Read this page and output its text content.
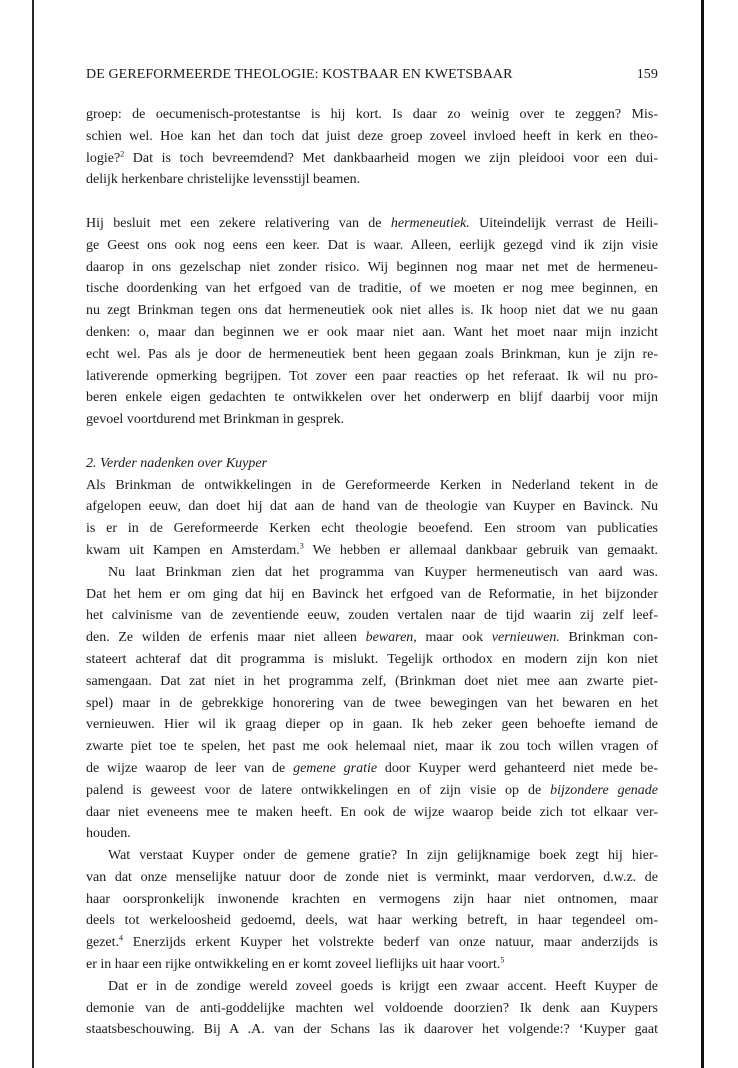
DE GEREFORMEERDE THEOLOGIE: KOSTBAAR EN KWETSBAAR	159
groep: de oecumenisch-protestantse is hij kort. Is daar zo weinig over te zeggen? Mis-
schien wel. Hoe kan het dan toch dat juist deze groep zoveel invloed heeft in kerk en theo-
logie?$^2$ Dat is toch bevreemdend? Met dankbaarheid mogen we zijn pleidooi voor een dui-
delijk herkenbare christelijke levensstijl beamen.
Hij besluit met een zekere relativering van de hermeneutiek. Uiteindelijk verrast de Heili-
ge Geest ons ook nog eens een keer. Dat is waar. Alleen, eerlijk gezegd vind ik zijn visie
daarop in ons gezelschap niet zonder risico. Wij beginnen nog maar net met de hermeneu-
tische doordenking van het erfgoed van de traditie, of we moeten er nog mee beginnen, en
nu zegt Brinkman tegen ons dat hermeneutiek ook niet alles is. Ik hoop niet dat we nu gaan
denken: o, maar dan beginnen we er ook maar niet aan. Want het moet naar mijn inzicht
echt wel. Pas als je door de hermeneutiek bent heen gegaan zoals Brinkman, kun je zijn re-
lativerende opmerking begrijpen. Tot zover een paar reacties op het referaat. Ik wil nu pro-
beren enkele eigen gedachten te ontwikkelen over het onderwerp en blijf daarbij voor mijn
gevoel voortdurend met Brinkman in gesprek.
2. Verder nadenken over Kuyper
Als Brinkman de ontwikkelingen in de Gereformeerde Kerken in Nederland tekent in de
afgelopen eeuw, dan doet hij dat aan de hand van de theologie van Kuyper en Bavinck. Nu
is er in de Gereformeerde Kerken echt theologie beoefend. Een stroom van publicaties
kwam uit Kampen en Amsterdam.$^3$ We hebben er allemaal dankbaar gebruik van gemaakt.
Nu laat Brinkman zien dat het programma van Kuyper hermeneutisch van aard was.
Dat het hem er om ging dat hij en Bavinck het erfgoed van de Reformatie, in het bijzonder
het calvinisme van de zeventiende eeuw, zouden vertalen naar de tijd waarin zij zelf leef-
den. Ze wilden de erfenis maar niet alleen bewaren, maar ook vernieuwen. Brinkman con-
stateert achteraf dat dit programma is mislukt. Tegelijk orthodox en modern zijn kon niet
samengaan. Dat zat niet in het programma zelf, (Brinkman doet niet mee aan zwarte piet-
spel) maar in de gebrekkige honorering van de twee bewegingen van het bewaren en het
vernieuwen. Hier wil ik graag dieper op in gaan. Ik heb zeker geen behoefte iemand de
zwarte piet toe te spelen, het past me ook helemaal niet, maar ik zou toch willen vragen of
de wijze waarop de leer van de gemene gratie door Kuyper werd gehanteerd niet mede be-
palend is geweest voor de latere ontwikkelingen en of zijn visie op de bijzondere genade
daar niet eveneens mee te maken heeft. En ook de wijze waarop beide zich tot elkaar ver-
houden.
Wat verstaat Kuyper onder de gemene gratie? In zijn gelijknamige boek zegt hij hier-
van dat onze menselijke natuur door de zonde niet is verminkt, maar verdorven, d.w.z. de
haar oorspronkelijk inwonende krachten en vermogens zijn haar niet ontnomen, maar
deels tot werkeloosheid gedoemd, deels, wat haar werking betreft, in haar tegendeel om-
gezet.$^4$ Enerzijds erkent Kuyper het volstrekte bederf van onze natuur, maar anderzijds is
er in haar een rijke ontwikkeling en er komt zoveel lieflijks uit haar voort.$^5$
Dat er in de zondige wereld zoveel goeds is krijgt een zwaar accent. Heeft Kuyper de
demonie van de anti-goddelijke machten wel voldoende doorzien? Ik denk aan Kuypers
staatsbeschouwing. Bij A .A. van der Schans las ik daarover het volgende:? ‘Kuyper gaat
